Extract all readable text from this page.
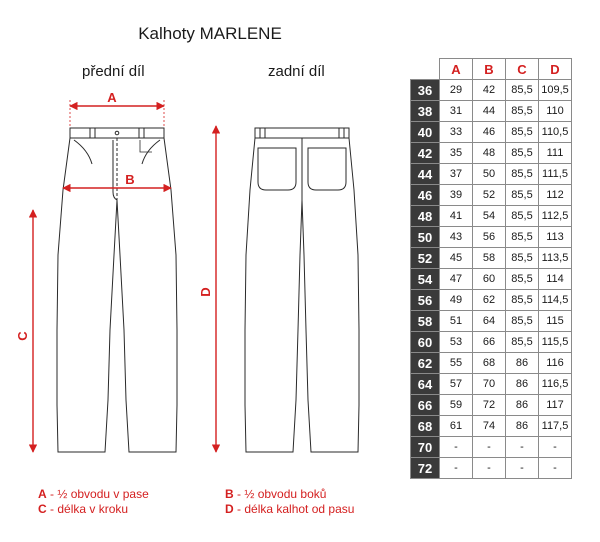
Kalhoty MARLENE
přední díl	zadní díl
A
B
C
D
A - ½ obvodu v pase
C - délka v kroku
B - ½ obvodu boků
D - délka kalhot od pasu
	A	B	C	D
36	29	42	85,5	109,5
38	31	44	85,5	110
40	33	46	85,5	110,5
42	35	48	85,5	111
44	37	50	85,5	111,5
46	39	52	85,5	112
48	41	54	85,5	112,5
50	43	56	85,5	113
52	45	58	85,5	113,5
54	47	60	85,5	114
56	49	62	85,5	114,5
58	51	64	85,5	115
60	53	66	85,5	115,5
62	55	68	86	116
64	57	70	86	116,5
66	59	72	86	117
68	61	74	86	117,5
70	-	-	-	-
72	-	-	-	-
